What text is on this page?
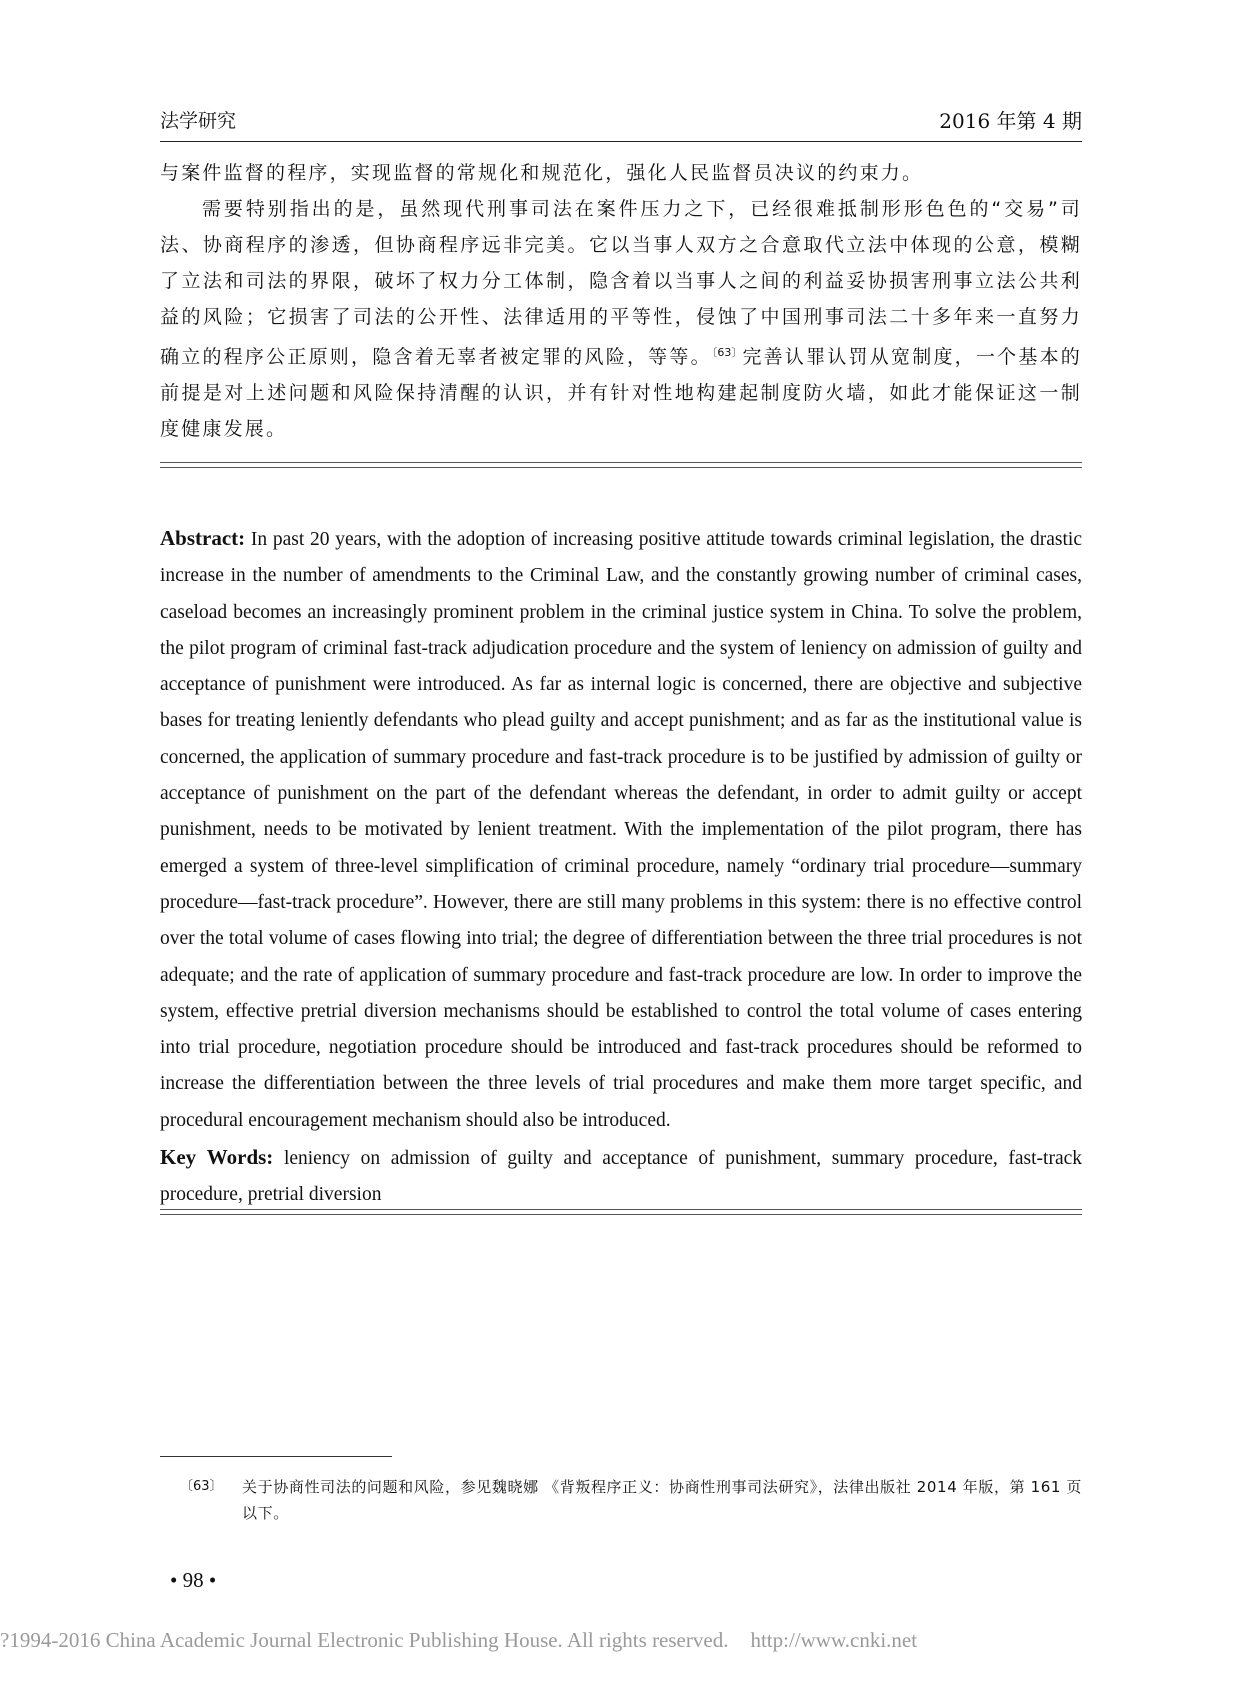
法学研究	2016 年第 4 期

与案件监督的程序，实现监督的常规化和规范化，强化人民监督员决议的约束力。

需要特别指出的是，虽然现代刑事司法在案件压力之下，已经很难抵制形形色色的“交易”司法、协商程序的渗透，但协商程序远非完美。它以当事人双方之合意取代立法中体现的公意，模糊了立法和司法的界限，破坏了权力分工体制，隐含着以当事人之间的利益妥协损害刑事立法公共利益的风险；它损害了司法的公开性、法律适用的平等性，侵蚀了中国刑事司法二十多年来一直努力确立的程序公正原则，隐含着无辜者被定罪的风险，等等。$^{〔63〕}$完善认罪认罚从宽制度，一个基本的前提是对上述问题和风险保持清醒的认识，并有针对性地构建起制度防火墙，如此才能保证这一制度健康发展。

Abstract: In past 20 years, with the adoption of increasing positive attitude towards criminal legislation, the drastic increase in the number of amendments to the Criminal Law, and the constantly growing number of criminal cases, caseload becomes an increasingly prominent problem in the criminal justice system in China. To solve the problem, the pilot program of criminal fast-track adjudication procedure and the system of leniency on admission of guilty and acceptance of punishment were introduced. As far as internal logic is concerned, there are objective and subjective bases for treating leniently defendants who plead guilty and accept punishment; and as far as the institutional value is concerned, the application of summary procedure and fast-track procedure is to be justified by admission of guilty or acceptance of punishment on the part of the defendant whereas the defendant, in order to admit guilty or accept punishment, needs to be motivated by lenient treatment. With the implementation of the pilot program, there has emerged a system of three-level simplification of criminal procedure, namely “ordinary trial procedure—summary procedure—fast-track procedure”. However, there are still many problems in this system: there is no effective control over the total volume of cases flowing into trial; the degree of differentiation between the three trial procedures is not adequate; and the rate of application of summary procedure and fast-track procedure are low. In order to improve the system, effective pretrial diversion mechanisms should be established to control the total volume of cases entering into trial procedure, negotiation procedure should be introduced and fast-track procedures should be reformed to increase the differentiation between the three levels of trial procedures and make them more target specific, and procedural encouragement mechanism should also be introduced.

Key Words: leniency on admission of guilty and acceptance of punishment, summary procedure, fast-track procedure, pretrial diversion

〔63〕	关于协商性司法的问题和风险，参见魏晓娜 《背叛程序正义：协商性刑事司法研究》，法律出版社 2014 年版，第 161 页以下。
• 98 •
?1994-2016 China Academic Journal Electronic Publishing House. All rights reserved. http://www.cnki.net
